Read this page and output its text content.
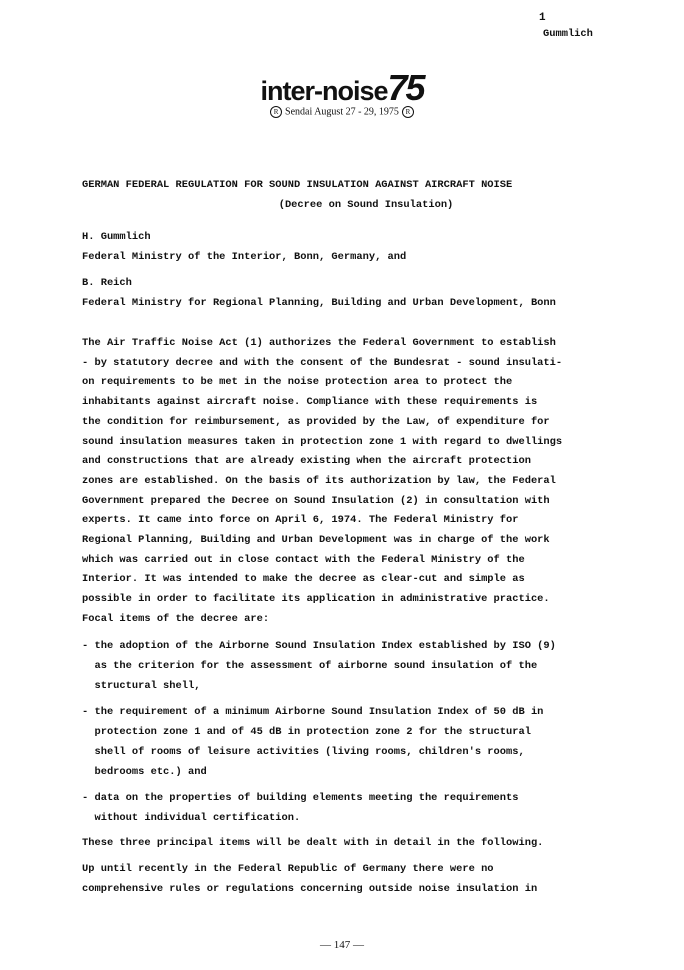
1
Gummlich
inter-noise75
R Sendai August 27 - 29, 1975 R
GERMAN FEDERAL REGULATION FOR SOUND INSULATION AGAINST AIRCRAFT NOISE
(Decree on Sound Insulation)
H. Gummlich
Federal Ministry of the Interior, Bonn, Germany, and
B. Reich
Federal Ministry for Regional Planning, Building and Urban Development, Bonn
The Air Traffic Noise Act (1) authorizes the Federal Government to establish
- by statutory decree and with the consent of the Bundesrat - sound insulati-
on requirements to be met in the noise protection area to protect the
inhabitants against aircraft noise. Compliance with these requirements is
the condition for reimbursement, as provided by the Law, of expenditure for
sound insulation measures taken in protection zone 1 with regard to dwellings
and constructions that are already existing when the aircraft protection
zones are established. On the basis of its authorization by law, the Federal
Government prepared the Decree on Sound Insulation (2) in consultation with
experts. It came into force on April 6, 1974. The Federal Ministry for
Regional Planning, Building and Urban Development was in charge of the work
which was carried out in close contact with the Federal Ministry of the
Interior. It was intended to make the decree as clear-cut and simple as
possible in order to facilitate its application in administrative practice.
Focal items of the decree are:
- the adoption of the Airborne Sound Insulation Index established by ISO (9)
as the criterion for the assessment of airborne sound insulation of the
structural shell,
- the requirement of a minimum Airborne Sound Insulation Index of 50 dB in
protection zone 1 and of 45 dB in protection zone 2 for the structural
shell of rooms of leisure activities (living rooms, children's rooms,
bedrooms etc.) and
- data on the properties of building elements meeting the requirements
without individual certification.
These three principal items will be dealt with in detail in the following.
Up until recently in the Federal Republic of Germany there were no
comprehensive rules or regulations concerning outside noise insulation in
— 147 —
